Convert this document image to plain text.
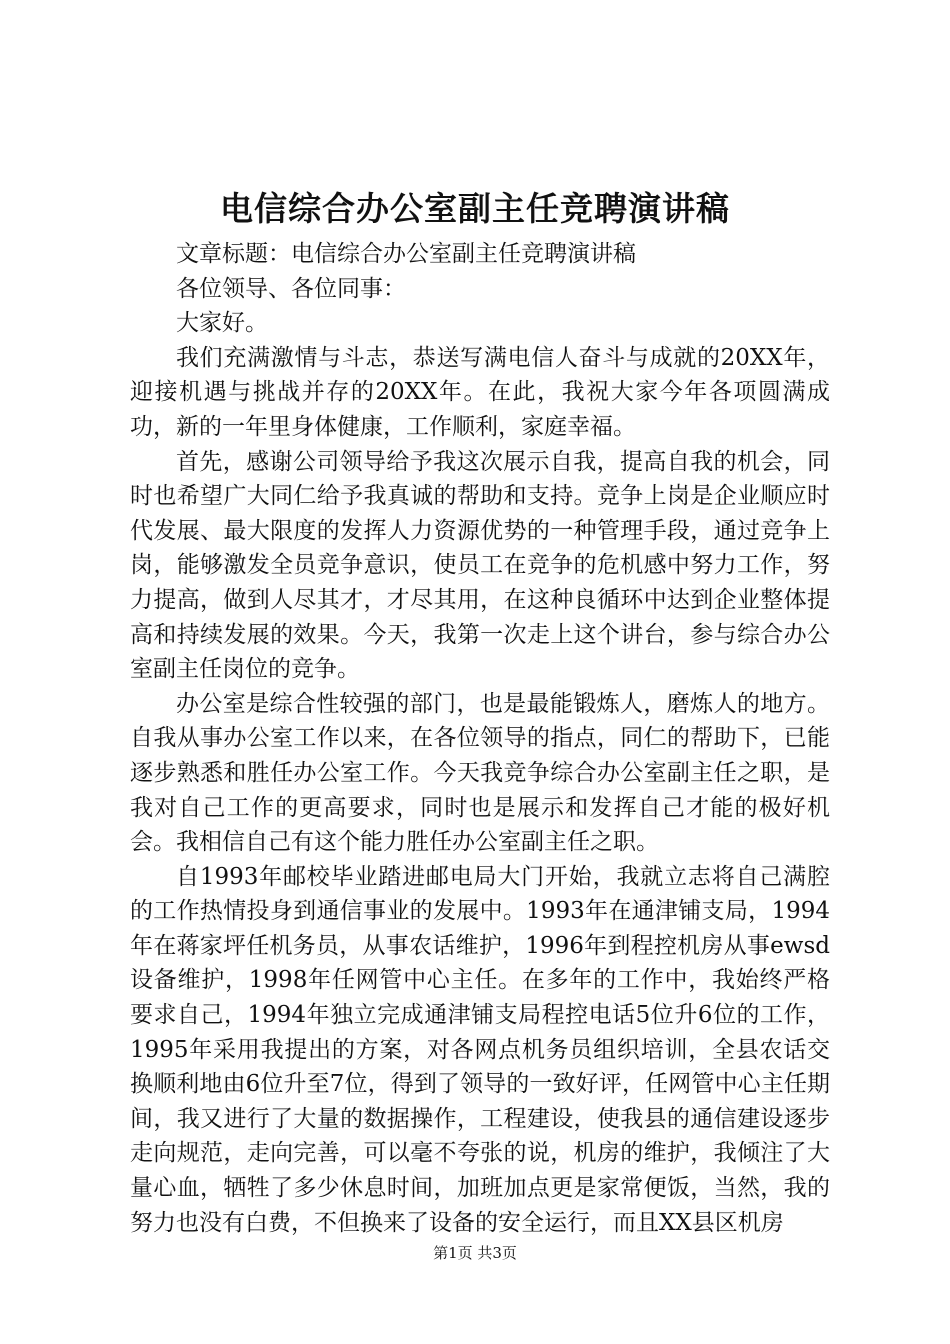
电信综合办公室副主任竞聘演讲稿

文章标题：电信综合办公室副主任竞聘演讲稿

各位领导、各位同事：

大家好。

我们充满激情与斗志，恭送写满电信人奋斗与成就的20XX年，迎接机遇与挑战并存的20XX年。在此，我祝大家今年各项圆满成功，新的一年里身体健康，工作顺利，家庭幸福。

首先，感谢公司领导给予我这次展示自我，提高自我的机会，同时也希望广大同仁给予我真诚的帮助和支持。竞争上岗是企业顺应时代发展、最大限度的发挥人力资源优势的一种管理手段，通过竞争上岗，能够激发全员竞争意识，使员工在竞争的危机感中努力工作，努力提高，做到人尽其才，才尽其用，在这种良循环中达到企业整体提高和持续发展的效果。今天，我第一次走上这个讲台，参与综合办公室副主任岗位的竞争。

办公室是综合性较强的部门，也是最能锻炼人，磨炼人的地方。自我从事办公室工作以来，在各位领导的指点，同仁的帮助下，已能逐步熟悉和胜任办公室工作。今天我竞争综合办公室副主任之职，是我对自己工作的更高要求，同时也是展示和发挥自己才能的极好机会。我相信自己有这个能力胜任办公室副主任之职。

自1993年邮校毕业踏进邮电局大门开始，我就立志将自己满腔的工作热情投身到通信事业的发展中。1993年在通津铺支局，1994年在蒋家坪任机务员，从事农话维护，1996年到程控机房从事ewsd设备维护，1998年任网管中心主任。在多年的工作中，我始终严格要求自己，1994年独立完成通津铺支局程控电话5位升6位的工作，1995年采用我提出的方案，对各网点机务员组织培训，全县农话交换顺利地由6位升至7位，得到了领导的一致好评，任网管中心主任期间，我又进行了大量的数据操作，工程建设，使我县的通信建设逐步走向规范，走向完善，可以毫不夸张的说，机房的维护，我倾注了大量心血，牺牲了多少休息时间，加班加点更是家常便饭，当然，我的努力也没有白费，不但换来了设备的安全运行，而且XX县区机房

第1页 共3页
